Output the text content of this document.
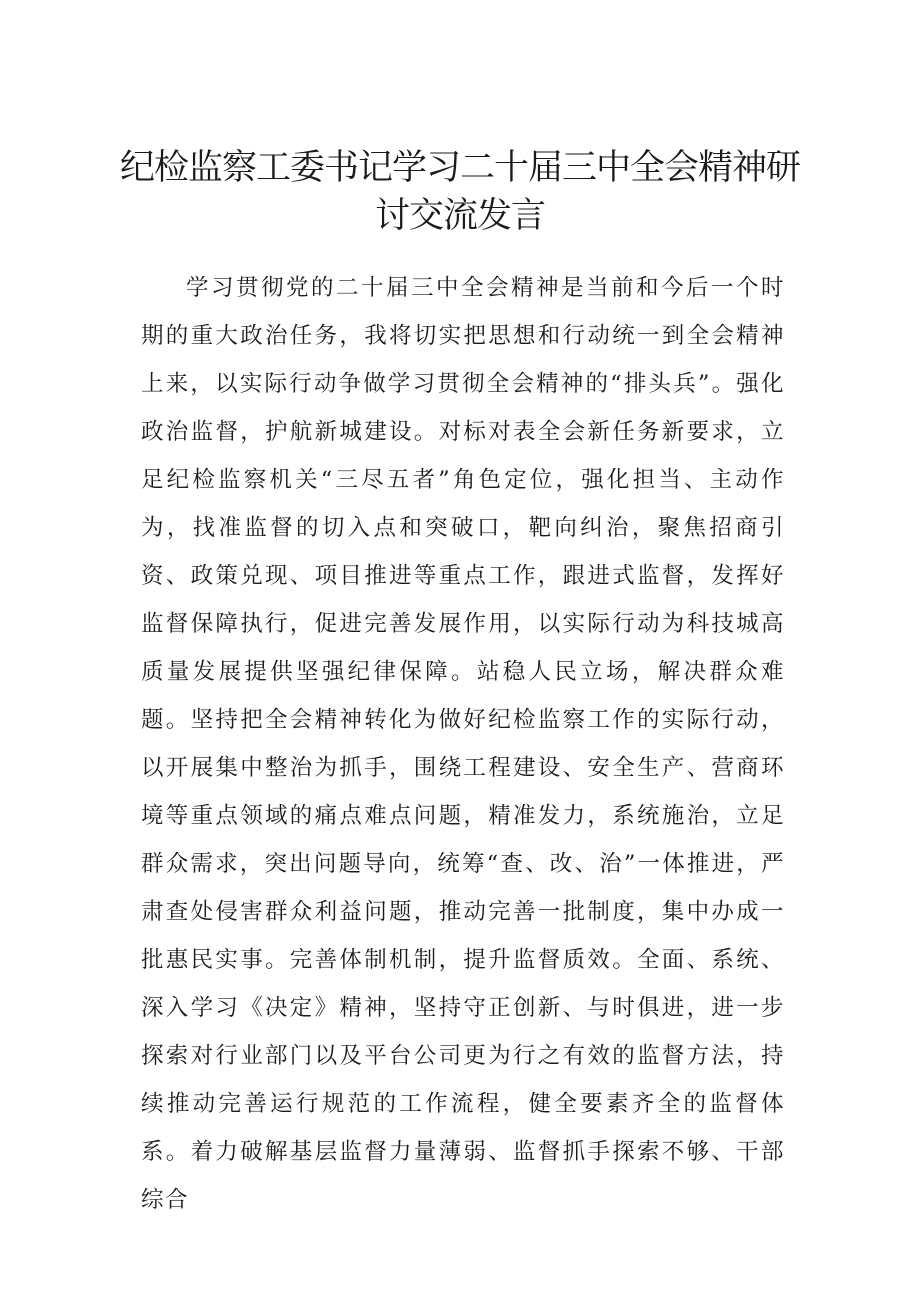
纪检监察工委书记学习二十届三中全会精神研讨交流发言

学习贯彻党的二十届三中全会精神是当前和今后一个时期的重大政治任务，我将切实把思想和行动统一到全会精神上来，以实际行动争做学习贯彻全会精神的“排头兵”。强化政治监督，护航新城建设。对标对表全会新任务新要求，立足纪检监察机关“三尽五者”角色定位，强化担当、主动作为，找准监督的切入点和突破口，靶向纠治，聚焦招商引资、政策兑现、项目推进等重点工作，跟进式监督，发挥好监督保障执行，促进完善发展作用，以实际行动为科技城高质量发展提供坚强纪律保障。站稳人民立场，解决群众难题。坚持把全会精神转化为做好纪检监察工作的实际行动，以开展集中整治为抓手，围绕工程建设、安全生产、营商环境等重点领域的痛点难点问题，精准发力，系统施治，立足群众需求，突出问题导向，统筹“查、改、治”一体推进，严肃查处侵害群众利益问题，推动完善一批制度，集中办成一批惠民实事。完善体制机制，提升监督质效。全面、系统、深入学习《决定》精神，坚持守正创新、与时俱进，进一步探索对行业部门以及平台公司更为行之有效的监督方法，持续推动完善运行规范的工作流程，健全要素齐全的监督体系。着力破解基层监督力量薄弱、监督抓手探索不够、干部综合
